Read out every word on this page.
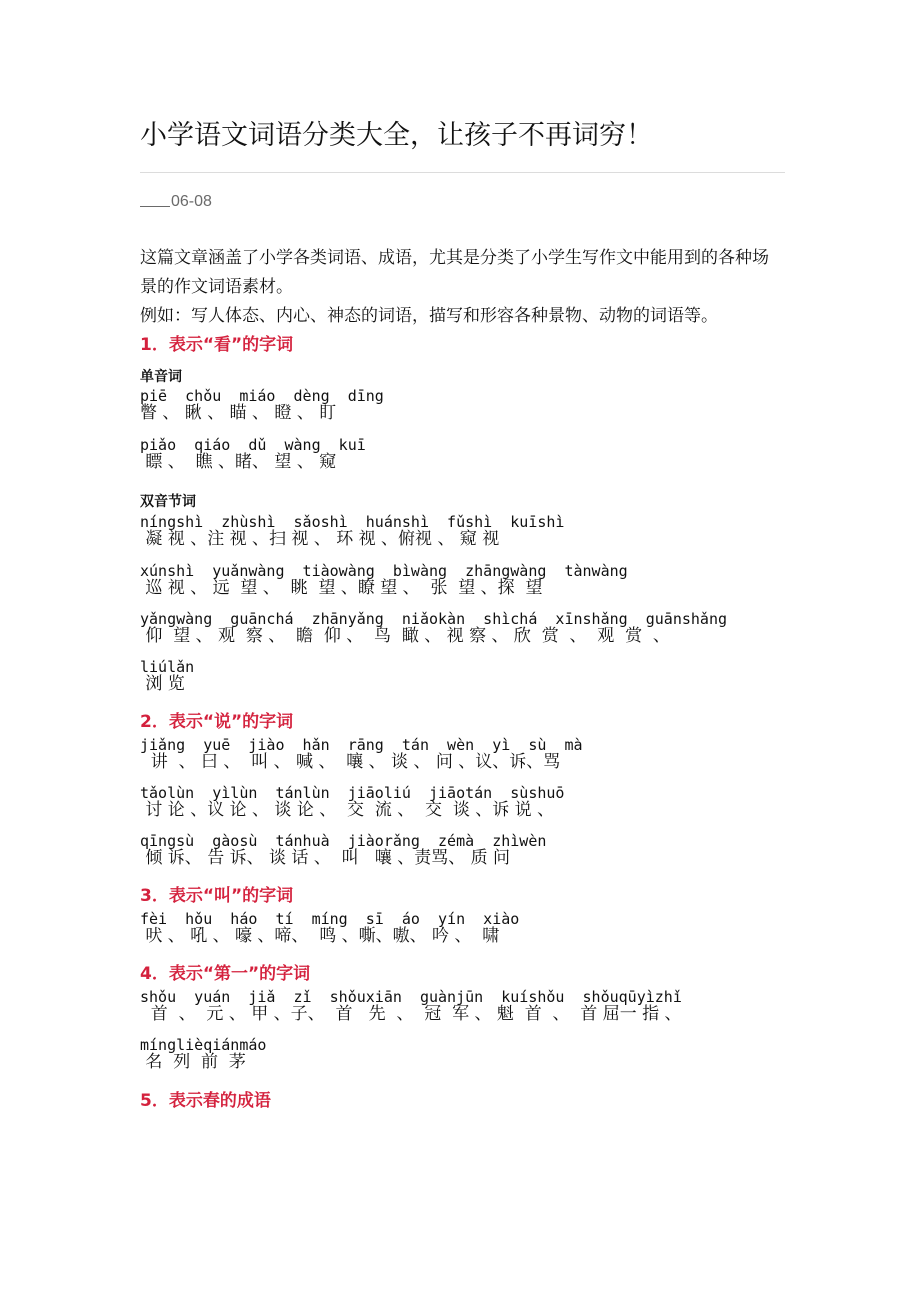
小学语文词语分类大全，让孩子不再词穷！
06-08

这篇文章涵盖了小学各类词语、成语，尤其是分类了小学生写作文中能用到的各种场景的作文词语素材。

例如：写人体态、内心、神态的词语，描写和形容各种景物、动物的词语等。

1．表示“看”的字词
单音词
piē  chǒu  miáo  dèng  dīng
瞥 、 瞅 、 瞄 、 瞪 、 盯
piǎo  qiáo  dǔ  wàng  kuī
瞟 、  瞧 、睹、 望 、 窥
双音节词
níngshì  zhùshì  sǎoshì  huánshì  fǔshì  kuīshì
凝 视 、注 视 、扫 视 、 环 视 、俯视 、 窥 视
xúnshì  yuǎnwàng  tiàowàng  bìwàng  zhāngwàng  tànwàng
巡 视 、 远  望 、  眺  望 、瞭 望 、  张  望 、探  望
yǎngwàng  guānchá  zhānyǎng  niǎokàn  shìchá  xīnshǎng  guānshǎng
仰  望 、 观  察 、  瞻  仰 、  鸟  瞰 、 视 察 、 欣  赏  、  观  赏  、
liúlǎn
浏 览
2．表示“说”的字词
jiǎng  yuē  jiào  hǎn  rāng  tán  wèn  yì  sù  mà
讲  、 曰 、  叫 、 喊 、  嚷 、 谈 、 问 、议、诉、骂
tǎolùn  yìlùn  tánlùn  jiāoliú  jiāotán  sùshuō
讨 论 、议 论 、 谈 论 、  交  流 、  交  谈 、诉 说 、
qīngsù  gàosù  tánhuà  jiàorǎng  zémà  zhìwèn
倾 诉、 告 诉、 谈 话 、  叫   嚷 、责骂、 质 问
3．表示“叫”的字词
fèi  hǒu  háo  tí  míng  sī  áo  yín  xiào
吠 、 吼 、 嚎 、啼、  鸣 、嘶、嗷、 吟 、  啸
4．表示“第一”的字词
shǒu  yuán  jiǎ  zǐ  shǒuxiān  guànjūn  kuíshǒu  shǒuqūyìzhǐ
首  、  元 、 甲 、子、  首   先  、  冠  军 、 魁  首  、  首 屈一 指 、
mínglièqiánmáo
名  列  前  茅
5．表示春的成语
